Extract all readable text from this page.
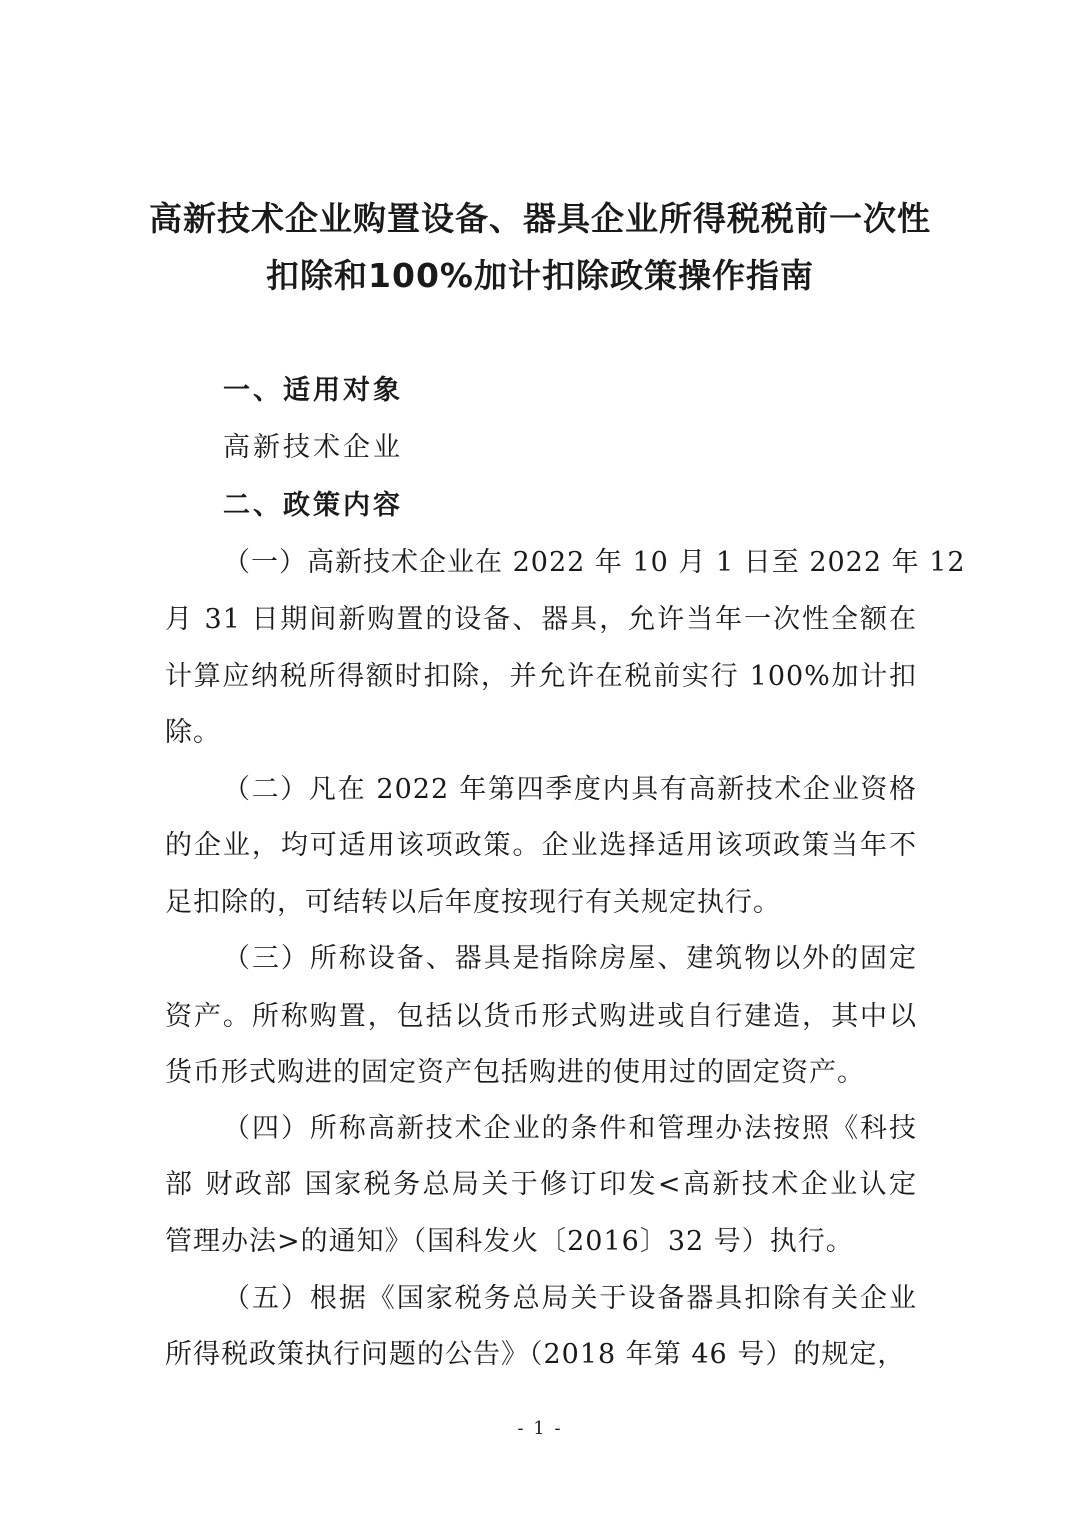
高新技术企业购置设备、器具企业所得税税前一次性
扣除和100%加计扣除政策操作指南
一、适用对象
高新技术企业
二、政策内容
（一）高新技术企业在 2022 年 10 月 1 日至 2022 年 12
月 31 日期间新购置的设备、器具，允许当年一次性全额在
计算应纳税所得额时扣除，并允许在税前实行 100%加计扣
除。
（二）凡在 2022 年第四季度内具有高新技术企业资格
的企业，均可适用该项政策。企业选择适用该项政策当年不
足扣除的，可结转以后年度按现行有关规定执行。
（三）所称设备、器具是指除房屋、建筑物以外的固定
资产。所称购置，包括以货币形式购进或自行建造，其中以
货币形式购进的固定资产包括购进的使用过的固定资产。
（四）所称高新技术企业的条件和管理办法按照《科技
部 财政部 国家税务总局关于修订印发<高新技术企业认定
管理办法>的通知》（国科发火〔2016〕32 号）执行。
（五）根据《国家税务总局关于设备器具扣除有关企业
所得税政策执行问题的公告》（2018 年第 46 号）的规定，
- 1 -
